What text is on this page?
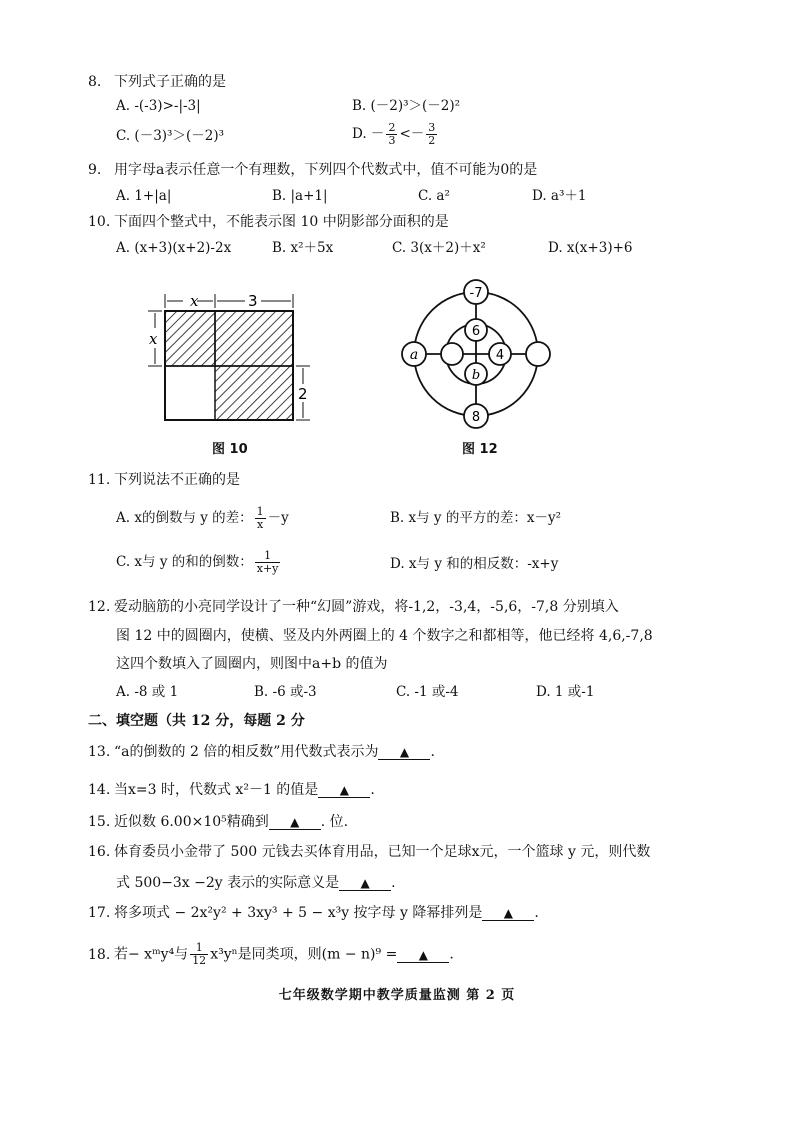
8. 下列式子正确的是
A. -(-3)>-|-3|	B. (－2)³＞(－2)²
C. (－3)³＞(－2)³	D. － $\frac{2}{3} <- \frac{3}{2}$
9. 用字母a表示任意一个有理数，下列四个代数式中，值不可能为0的是
A. 1+|a|	B. |a+1|	C. a²	D. a³＋1
10. 下面四个整式中，不能表示图 10 中阴影部分面积的是
A. (x+3)(x+2)-2x	B. x²＋5x	C. 3(x＋2)＋x²	D. x(x+3)+6
x	3
x
2
图 10
-7
a
6
4
b
8
图 12
11. 下列说法不正确的是
A. x的倒数与 y 的差： $\frac{1}{x} -y$	B. x与 y 的平方的差：x－y²
C. x与 y 的和的倒数： $\frac{1}{x+y}$	D. x与 y 和的相反数：-x+y
12. 爱动脑筋的小亮同学设计了一种“幻圆”游戏，将-1,2，-3,4，-5,6，-7,8 分别填入
图 12 中的圆圈内，使横、竖及内外两圈上的 4 个数字之和都相等，他已经将 4,6,-7,8
这四个数填入了圆圈内，则图中a+b 的值为
A. -8 或 1	B. -6 或-3	C. -1 或-4	D. 1 或-1
二、填空题（共 12 分，每题 2 分
13. “a的倒数的 2 倍的相反数”用代数式表示为 ▲ .
14. 当x=3 时，代数式 x²－1 的值是 ▲ .
15. 近似数 6.00×10⁵精确到 ▲ . 位.
16. 体育委员小金带了 500 元钱去买体育用品，已知一个足球x元，一个篮球 y 元，则代数
式 500−3x −2y 表示的实际意义是 ▲ .
17. 将多项式 − 2x²y² + 3xy³ + 5 − x³y 按字母 y 降幂排列是 ▲ .
18. 若− xᵐy⁴与 $\frac{1}{12} x^3y^n$是同类项，则(m − n)⁹ = ▲ .
七年级数学期中教学质量监测 第 2 页
